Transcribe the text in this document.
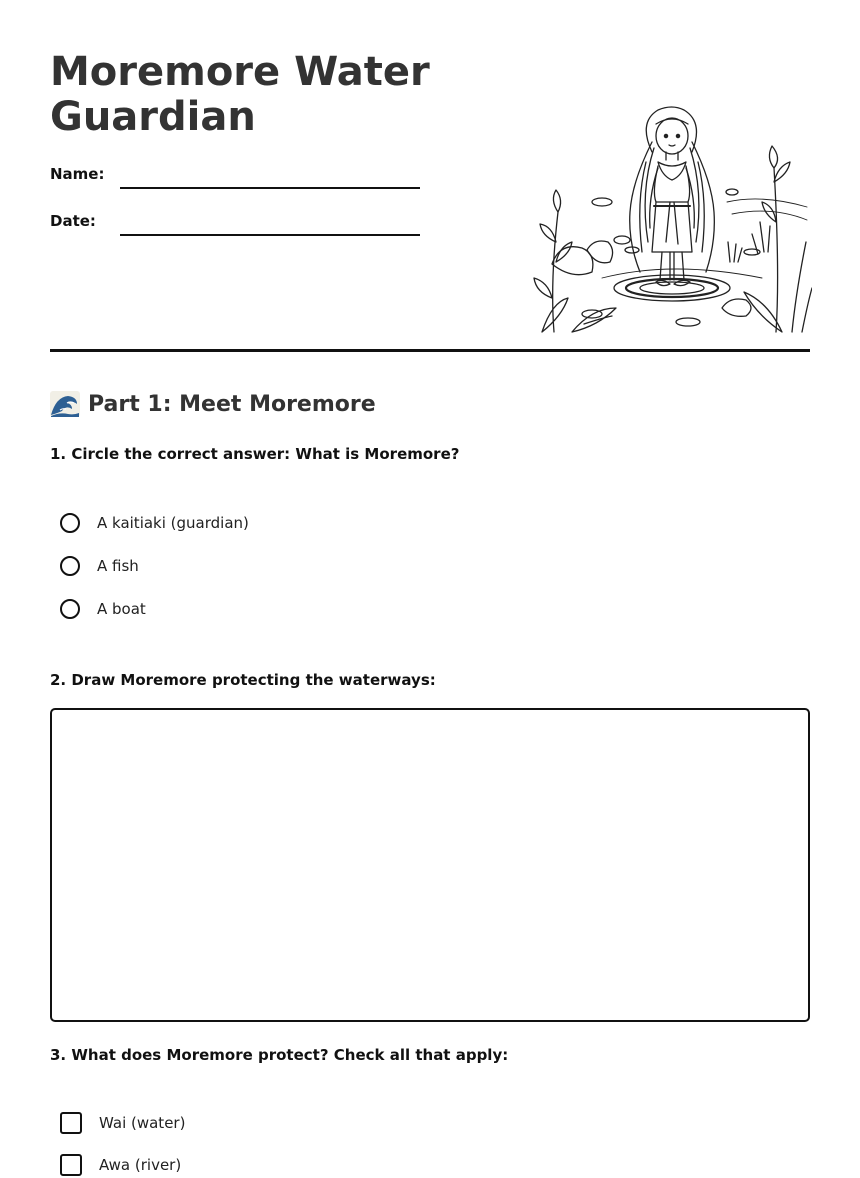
Moremore Water Guardian
Name:
Date:
Part 1: Meet Moremore
1. Circle the correct answer: What is Moremore?
A kaitiaki (guardian)
A fish
A boat
2. Draw Moremore protecting the waterways:
3. What does Moremore protect? Check all that apply:
Wai (water)
Awa (river)
